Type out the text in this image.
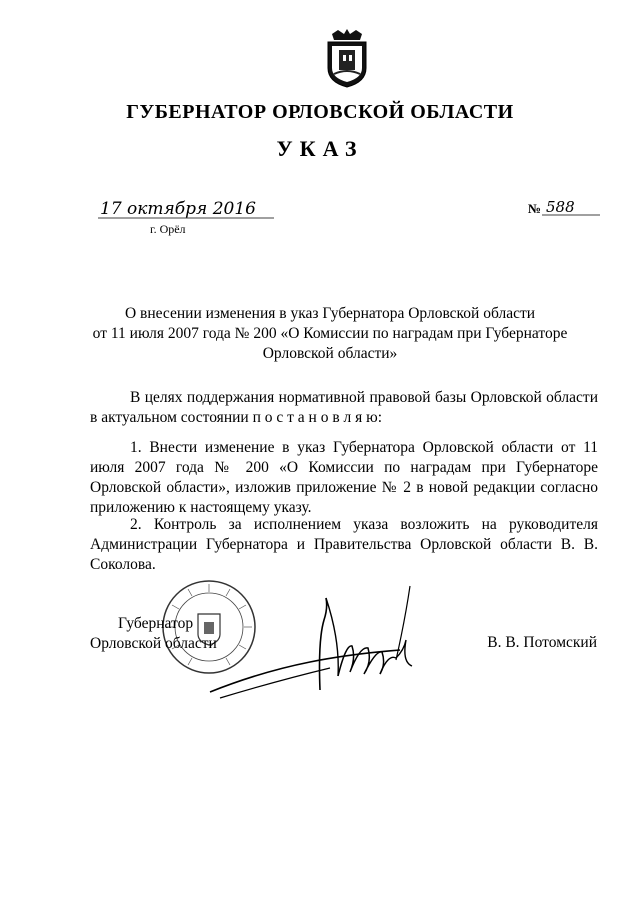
ГУБЕРНАТОР ОРЛОВСКОЙ ОБЛАСТИ
УКАЗ
17 октября 2016
г. Орёл
№ 588
О внесении изменения в указ Губернатора Орловской области
от 11 июля 2007 года № 200 «О Комиссии по наградам при Губернаторе
Орловской области»
В целях поддержания нормативной правовой базы Орловской области в актуальном состоянии п о с т а н о в л я ю:
1. Внести изменение в указ Губернатора Орловской области от 11 июля 2007 года № 200 «О Комиссии по наградам при Губернаторе Орловской области», изложив приложение № 2 в новой редакции согласно приложению к настоящему указу.
2. Контроль за исполнением указа возложить на руководителя Администрации Губернатора и Правительства Орловской области В. В. Соколова.
Губернатор
Орловской области	В. В. Потомский
